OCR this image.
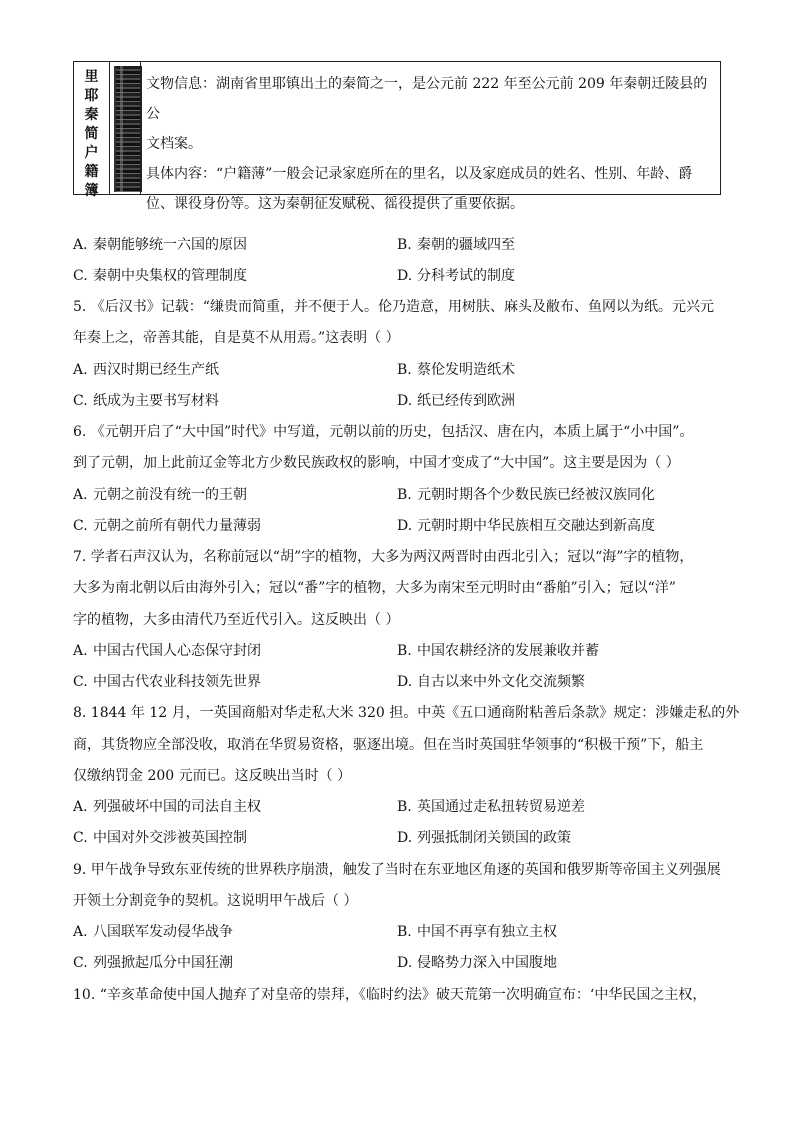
里
耶
秦
简
户
籍
簿
文物信息：湖南省里耶镇出土的秦简之一，是公元前 222 年至公元前 209 年秦朝迁陵县的公
文档案。
具体内容：“户籍薄”一般会记录家庭所在的里名，以及家庭成员的姓名、性别、年龄、爵
位、课役身份等。这为秦朝征发赋税、徭役提供了重要依据。
A. 秦朝能够统一六国的原因	B. 秦朝的疆域四至
C. 秦朝中央集权的管理制度	D. 分科考试的制度
5. 《后汉书》记载：“缣贵而简重，并不便于人。伦乃造意，用树肤、麻头及敝布、鱼网以为纸。元兴元
年奏上之，帝善其能，自是莫不从用焉。”这表明（ ）
A. 西汉时期已经生产纸	B. 蔡伦发明造纸术
C. 纸成为主要书写材料	D. 纸已经传到欧洲
6. 《元朝开启了“大中国”时代》中写道，元朝以前的历史，包括汉、唐在内，本质上属于“小中国”。
到了元朝，加上此前辽金等北方少数民族政权的影响，中国才变成了“大中国”。这主要是因为（ ）
A. 元朝之前没有统一的王朝	B. 元朝时期各个少数民族已经被汉族同化
C. 元朝之前所有朝代力量薄弱	D. 元朝时期中华民族相互交融达到新高度
7. 学者石声汉认为，名称前冠以“胡”字的植物，大多为两汉两晋时由西北引入；冠以“海”字的植物，
大多为南北朝以后由海外引入；冠以“番”字的植物，大多为南宋至元明时由“番舶”引入；冠以“洋”
字的植物，大多由清代乃至近代引入。这反映出（ ）
A. 中国古代国人心态保守封闭	B. 中国农耕经济的发展兼收并蓄
C. 中国古代农业科技领先世界	D. 自古以来中外文化交流频繁
8. 1844 年 12 月，一英国商船对华走私大米 320 担。中英《五口通商附粘善后条款》规定：涉嫌走私的外
商，其货物应全部没收，取消在华贸易资格，驱逐出境。但在当时英国驻华领事的“积极干预”下，船主
仅缴纳罚金 200 元而已。这反映出当时（ ）
A. 列强破坏中国的司法自主权	B. 英国通过走私扭转贸易逆差
C. 中国对外交涉被英国控制	D. 列强抵制闭关锁国的政策
9. 甲午战争导致东亚传统的世界秩序崩溃，触发了当时在东亚地区角逐的英国和俄罗斯等帝国主义列强展
开领土分割竞争的契机。这说明甲午战后（ ）
A. 八国联军发动侵华战争	B. 中国不再享有独立主权
C. 列强掀起瓜分中国狂潮	D. 侵略势力深入中国腹地
10. “辛亥革命使中国人抛弃了对皇帝的崇拜，《临时约法》破天荒第一次明确宣布：‘中华民国之主权，
